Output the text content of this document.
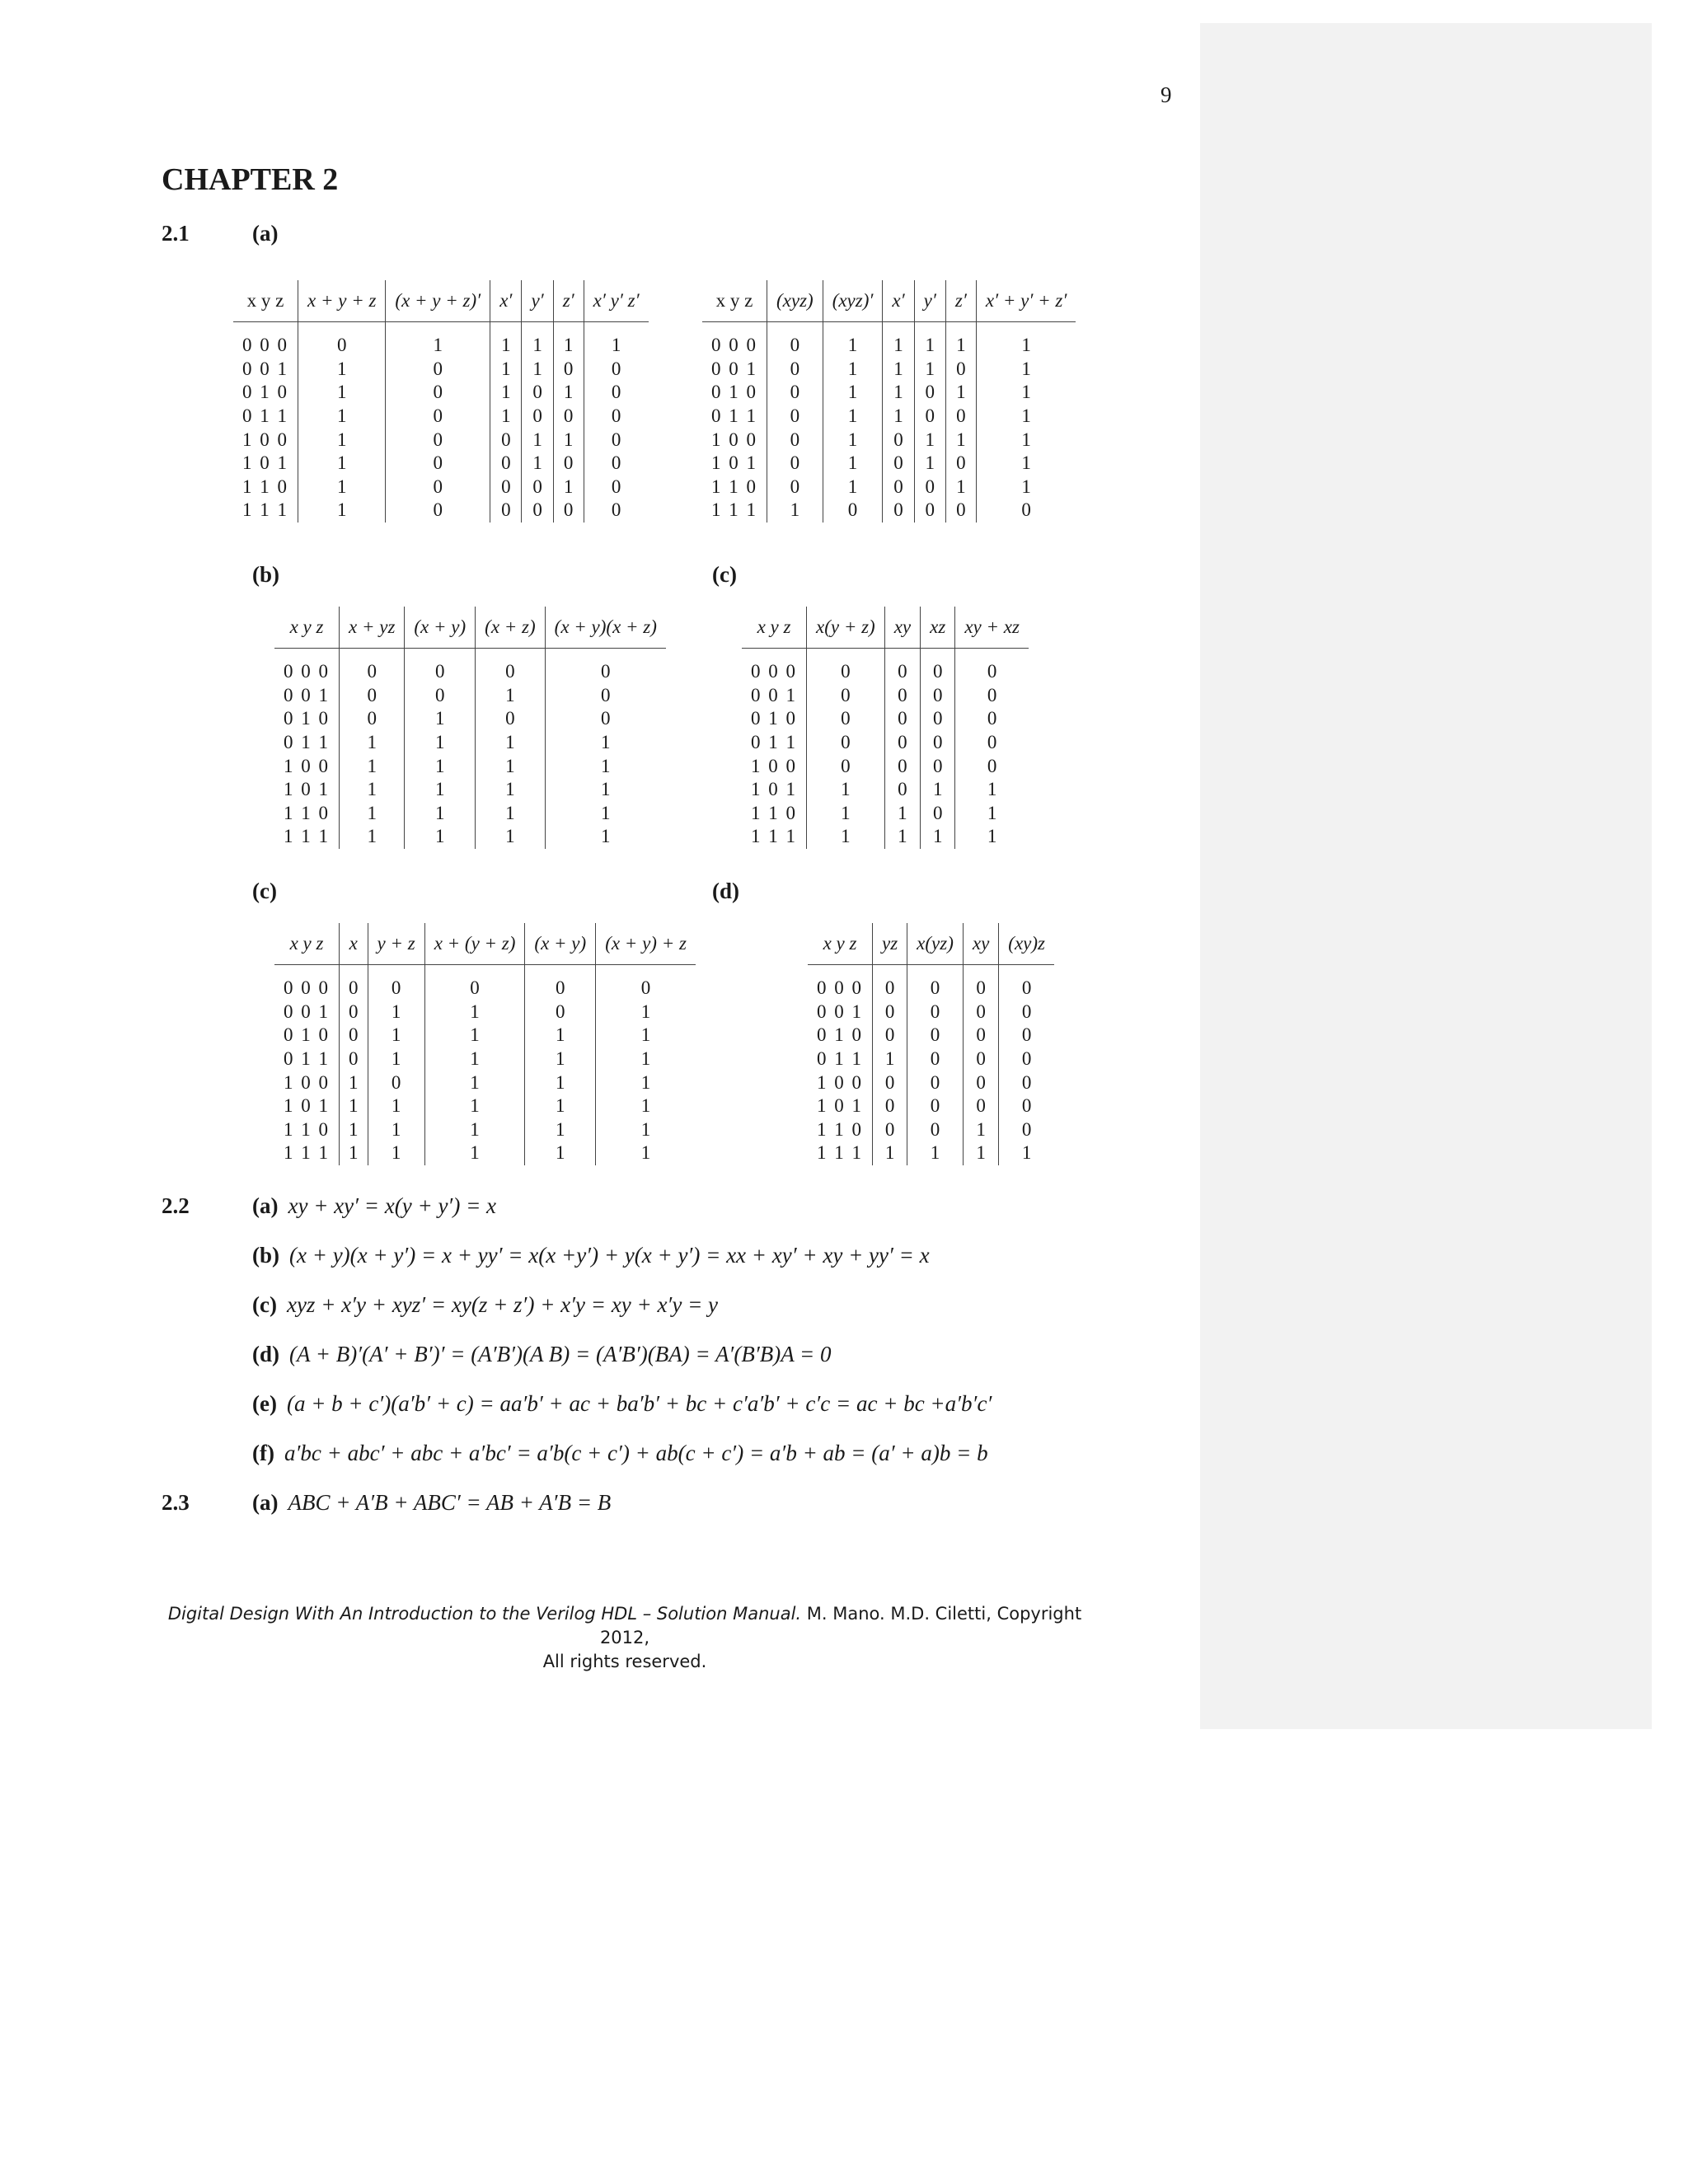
9
CHAPTER 2
2.1	(a)
x y z	x + y + z	(x + y + z)′	x′	y′	z′	x′ y′ z′
0 0 0	0	1	1	1	1	1
0 0 1	1	0	1	1	0	0
0 1 0	1	0	1	0	1	0
0 1 1	1	0	1	0	0	0
1 0 0	1	0	0	1	1	0
1 0 1	1	0	0	1	0	0
1 1 0	1	0	0	0	1	0
1 1 1	1	0	0	0	0	0
x y z	(xyz)	(xyz)′	x′	y′	z′	x′ + y′ + z′
0 0 0	0	1	1	1	1	1
0 0 1	0	1	1	1	0	1
0 1 0	0	1	1	0	1	1
0 1 1	0	1	1	0	0	1
1 0 0	0	1	0	1	1	1
1 0 1	0	1	0	1	0	1
1 1 0	0	1	0	0	1	1
1 1 1	1	0	0	0	0	0
(b)	(c)
x y z	x + yz	(x + y)	(x + z)	(x + y)(x + z)
0 0 0	0	0	0	0
0 0 1	0	0	1	0
0 1 0	0	1	0	0
0 1 1	1	1	1	1
1 0 0	1	1	1	1
1 0 1	1	1	1	1
1 1 0	1	1	1	1
1 1 1	1	1	1	1
x y z	x(y + z)	xy	xz	xy + xz
0 0 0	0	0	0	0
0 0 1	0	0	0	0
0 1 0	0	0	0	0
0 1 1	0	0	0	0
1 0 0	0	0	0	0
1 0 1	1	0	1	1
1 1 0	1	1	0	1
1 1 1	1	1	1	1
(c)	(d)
x y z	x	y + z	x + (y + z)	(x + y)	(x + y) + z
0 0 0	0	0	0	0	0
0 0 1	0	1	1	0	1
0 1 0	0	1	1	1	1
0 1 1	0	1	1	1	1
1 0 0	1	0	1	1	1
1 0 1	1	1	1	1	1
1 1 0	1	1	1	1	1
1 1 1	1	1	1	1	1
x y z	yz	x(yz)	xy	(xy)z
0 0 0	0	0	0	0
0 0 1	0	0	0	0
0 1 0	0	0	0	0
0 1 1	1	0	0	0
1 0 0	0	0	0	0
1 0 1	0	0	0	0
1 1 0	0	0	1	0
1 1 1	1	1	1	1
2.2	(a) xy + xy′ = x(y + y′) = x
(b) (x + y)(x + y′) = x + yy′ = x(x +y′) + y(x + y′) = xx + xy′ + xy + yy′ = x
(c) xyz + x′y + xyz′ = xy(z + z′) + x′y = xy + x′y = y
(d) (A + B)′(A′ + B′)′ = (A′B′)(A B) = (A′B′)(BA) = A′(B′B)A = 0
(e) (a + b + c′)(a′b′ + c) = aa′b′ + ac + ba′b′ + bc + c′a′b′ + c′c = ac + bc +a′b′c′
(f) a′bc + abc′ + abc + a′bc′ = a′b(c + c′) + ab(c + c′) = a′b + ab = (a′ + a)b = b
2.3	(a) ABC + A′B + ABC′ = AB + A′B = B
Digital Design With An Introduction to the Verilog HDL – Solution Manual. M. Mano. M.D. Ciletti, Copyright 2012,
All rights reserved.
